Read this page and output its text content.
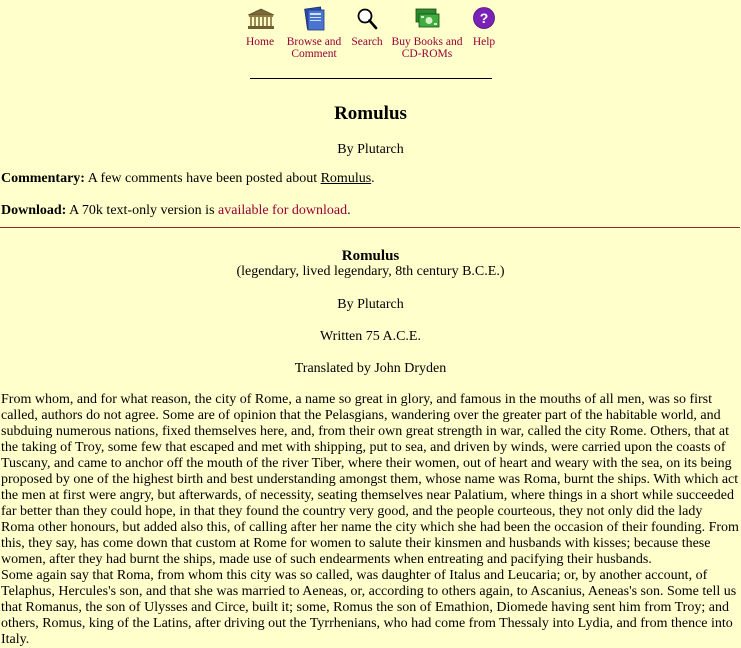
Home	Browse and
Comment
Search Buy Books and
CD-ROMs
?
Help
Romulus
By Plutarch
Commentary: A few comments have been posted about Romulus.
Download: A 70k text-only version is available for download.
Romulus
(legendary, lived legendary, 8th century B.C.E.)
By Plutarch
Written 75 A.C.E.
Translated by John Dryden
From whom, and for what reason, the city of Rome, a name so great in glory, and famous in the mouths of all men, was so first called, authors do not agree. Some are of opinion that the Pelasgians, wandering over the greater part of the habitable world, and subduing numerous nations, fixed themselves here, and, from their own great strength in war, called the city Rome. Others, that at the taking of Troy, some few that escaped and met with shipping, put to sea, and driven by winds, were carried upon the coasts of Tuscany, and came to anchor off the mouth of the river Tiber, where their women, out of heart and weary with the sea, on its being proposed by one of the highest birth and best understanding amongst them, whose name was Roma, burnt the ships. With which act the men at first were angry, but afterwards, of necessity, seating themselves near Palatium, where things in a short while succeeded far better than they could hope, in that they found the country very good, and the people courteous, they not only did the lady Roma other honours, but added also this, of calling after her name the city which she had been the occasion of their founding. From this, they say, has come down that custom at Rome for women to salute their kinsmen and husbands with kisses; because these women, after they had burnt the ships, made use of such endearments when entreating and pacifying their husbands.
Some again say that Roma, from whom this city was so called, was daughter of Italus and Leucaria; or, by another account, of Telaphus, Hercules's son, and that she was married to Aeneas, or, according to others again, to Ascanius, Aeneas's son. Some tell us that Romanus, the son of Ulysses and Circe, built it; some, Romus the son of Emathion, Diomede having sent him from Troy; and others, Romus, king of the Latins, after driving out the Tyrrhenians, who had come from Thessaly into Lydia, and from thence into Italy.
